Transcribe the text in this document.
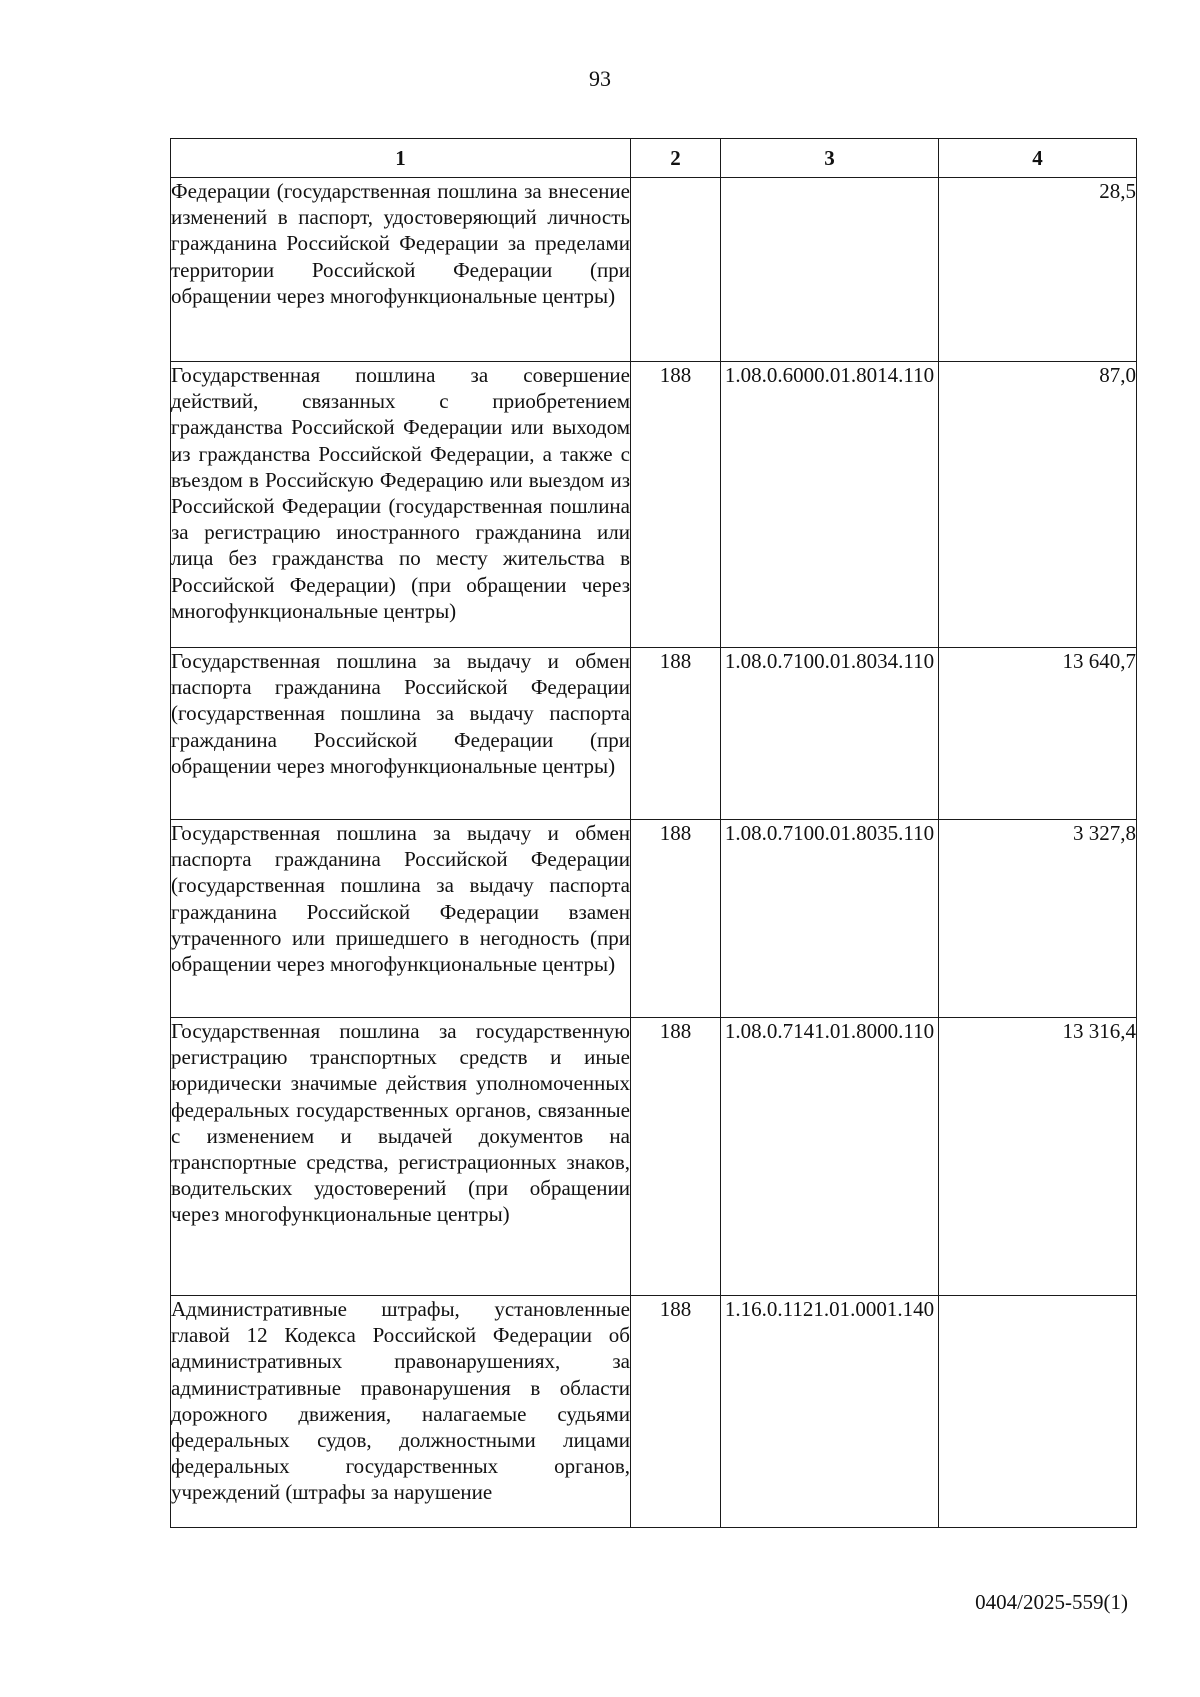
93
1	2	3	4
Федерации (государственная пошлина за внесение изменений в паспорт, удостоверяющий личность гражданина Российской Федерации за пределами территории Российской Федерации (при обращении через многофункциональные центры)			28,5
Государственная пошлина за совершение действий, связанных с приобретением гражданства Российской Федерации или выходом из гражданства Российской Федерации, а также с въездом в Российскую Федерацию или выездом из Российской Федерации (государственная пошлина за регистрацию иностранного гражданина или лица без гражданства по месту жительства в Российской Федерации) (при обращении через многофункциональные центры)	188	1.08.0.6000.01.8014.110	87,0
Государственная пошлина за выдачу и обмен паспорта гражданина Российской Федерации (государственная пошлина за выдачу паспорта гражданина Российской Федерации (при обращении через многофункциональные центры)	188	1.08.0.7100.01.8034.110	13 640,7
Государственная пошлина за выдачу и обмен паспорта гражданина Российской Федерации (государственная пошлина за выдачу паспорта гражданина Российской Федерации взамен утраченного или пришедшего в негодность (при обращении через многофункциональные центры)	188	1.08.0.7100.01.8035.110	3 327,8
Государственная пошлина за государственную регистрацию транспортных средств и иные юридически значимые действия уполномоченных федеральных государственных органов, связанные с изменением и выдачей документов на транспортные средства, регистрационных знаков, водительских удостоверений (при обращении через многофункциональные центры)	188	1.08.0.7141.01.8000.110	13 316,4
Административные штрафы, установленные главой 12 Кодекса Российской Федерации об административных правонарушениях, за административные правонарушения в области дорожного движения, налагаемые судьями федеральных судов, должностными лицами федеральных государственных органов, учреждений (штрафы за нарушение	188	1.16.0.1121.01.0001.140	
0404/2025-559(1)
